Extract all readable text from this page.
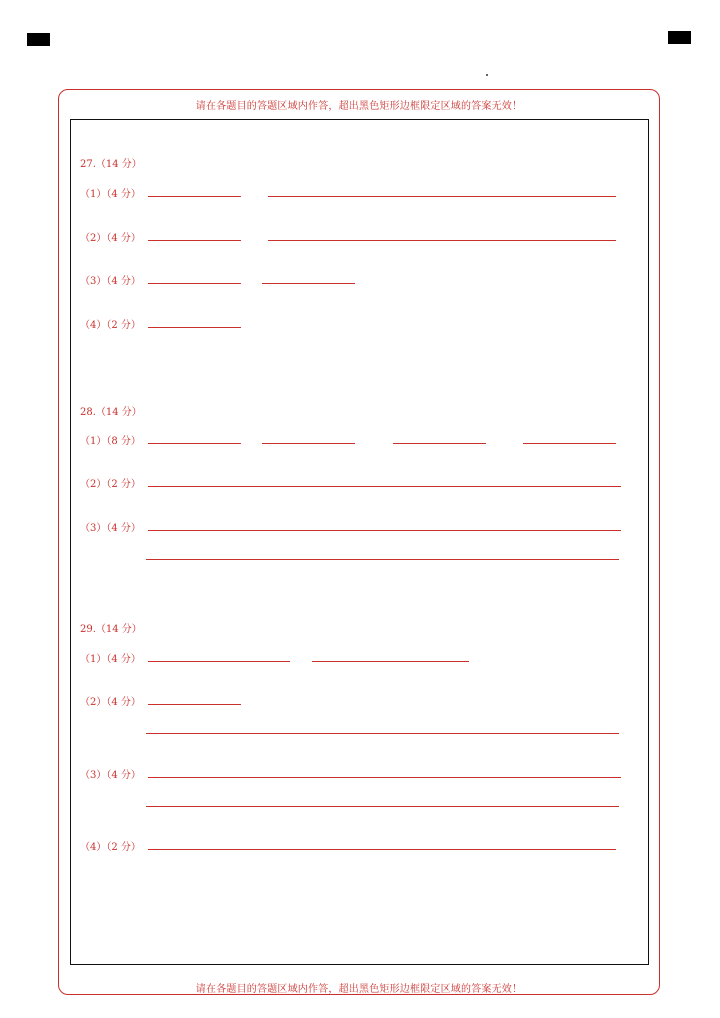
请在各题目的答题区域内作答，超出黑色矩形边框限定区域的答案无效！
请在各题目的答题区域内作答，超出黑色矩形边框限定区域的答案无效！
27.（14 分）
（1）（4 分）
（2）（4 分）
（3）（4 分）
（4）（2 分）
28.（14 分）
（1）（8 分）
（2）（2 分）
（3）（4 分）
29.（14 分）
（1）（4 分）
（2）（4 分）
（3）（4 分）
（4）（2 分）
